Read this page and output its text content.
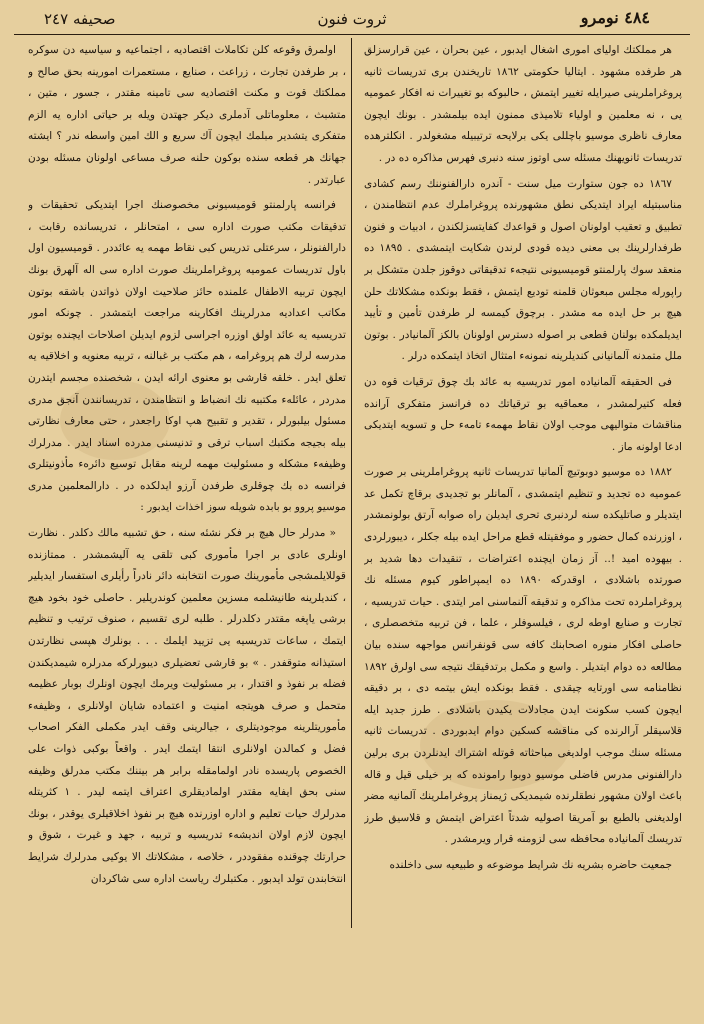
صحيفه ٢٤٧	ثروت فنون	٤٨٤ نومرو

هر مملكتك اوليای اموری اشغال ايدبور ، عين بحران ، عين قرارسزلق هر طرفده مشهود . ايتاليا حكومتی ١٨٦٢ تاريخندن بری تدريسات ثانيه پروغراملرينی صيرايله تغيير ايتمش ، حالبوكه بو تغييرات نه افكار عموميه يی ، نه معلمين و اولياء تلاميذی ممنون ايده بيلمشدر . بونك ايچون معارف ناظری موسيو باچللی يكی برلايحه ترتيبيله مشغولدر . انكلترهده تدريسات ثانويهنك مسئله سی اوتوز سنه دنبری فهرس مذاكره ده در .

١٨٦٧ ده جون ستوارت ميل سنت - آندره دارالفنوننك رسم كشادی مناسبتيله ايراد ايتديكی نطق مشهورنده پروغراملرك عدم انتظامندن ، تطبيق و تعقيب اولونان اصول و قواعدك كفايتسزلكندن ، ادبيات و فنون طرفدارلرينك بی معنی ديده قودی لرندن شكايت ايتمشدی . ١٨٩٥ ده منعقد سوك پارلمنتو قوميسيونی نتيجهء تدقيقاتی دوقوز جلدن متشكل بر راپورله مجلس مبعوثان قلمنه توديع ايتمش ، فقط بونكده مشكلاتك حلن هيچ بر حل ايده مه مشدر . برچوق كيمسه لر طرفدن تأمين و تأييد ايديلمكده بولنان قطعی بر اصوله دسترس اولونان بالكز آلمانيادر . بوتون ملل متمدنه آلمانيانی كنديلرينه نمونهء امتثال اتخاذ ايتمكده درلر .

فی الحقيقه آلمانياده امور تدريسيه به عائد بك چوق ترقيات قوه دن فعله كتيرلمشدر ، معماقيه بو ترقياتك ده فرانسز متفكری آرانده مناقشات متواليهی موجب اولان نقاط مهمهء تامهء حل و تسويه ايتديكی ادعا اولونه ماز .

١٨٨٢ ده موسيو دوبوتيچ آلمانيا تدريسات ثانيه پروغراملرينی بر صورت عموميه ده تجديد و تنظيم ايتمشدی ، آلمانلر بو تجديدی برقاچ تكمل عد ايتديلر و صاتليكده سنه لردنبری تحری ايديلن راه صوابه آرتق بولونمشدر ، اوزرنده كمال حضور و موفقيتله قطع مراحل ايده بيله جكلر ، ديبورلردی . بيهوده اميد !.. آز زمان ايچنده اعتراضات ، تنقيدات دها شديد بر صورتده باشلادی ، اوقدركه ١٨٩٠ ده ايمپراطور كيوم مسئله نك پروغراملرده تحت مذاكره و تدقيقه آلنماسنی امر ايتدی . حيات تدريسيه ، تجارت و صنايع اوطه لری ، فيلسوفلر ، علما ، فن تربيه متخصصلری ، حاصلی افكار منوره اصحابنك كافه سی قونفرانس مواجهه سنده بيان مطالعه ده دوام ايتديلر . واسع و مكمل برتدقيقك نتيجه سی اولرق ١٨٩٢ نظامنامه سی اورتايه چيقدی . فقط بونكده ايش بيتمه دی ، بر دقيقه ايچون كسب سكونت ايدن مجادلات يكيدن باشلادی . طرز جديد ايله قلاسيقلر آرالرنده كی مناقشه كسكين دوام ايدبوردی . تدريسات ثانيه مسئله سنك موجب اولديغی مباحثاته قوتله اشتراك ايدنلردن بری برلين دارالفنونی مدرس فاضلی موسيو دوبوا رامونده که بر خيلی قيل و قاله باعث اولان مشهور نطقلرنده شيمديكی ژيمناز پروغراملرينك آلمانيه مضر اولديغنی بالطبع بو آمريقا اصوليه شدتاً اعتراض ايتمش و قلاسيق طرز تدريسك آلمانياده محافظه سی لزومنه قرار ويرمشدر .

جمعيت حاضره بشريه نك شرايط موضوعه و طبيعيه سی داخلنده

اولمرق وقوعه كلن تكاملات اقتصاديه ، اجتماعيه و سياسيه دن سوكره ، بر طرفدن تجارت ، زراعت ، صنايع ، مستعمرات امورينه بحق صالح و مملكتك قوت و مكنت اقتصاديه سی تامينه مقتدر ، جسور ، متين ، متشبث ، معلوماتلی آدملری ديكر جهتدن ويله بر حياتی اداره يه الزم متفكری يتشدير مبلمك ايچون آك سريع و الك امين واسطه ندر ؟ ايشته جهانك هر قطعه سنده بوكون حلنه صرف مساعی اولونان مسئله بودن عبارتدر .

فرانسه پارلمنتو قوميسيونی مخصوصنك اجرا ايتديكی تحقيقات و تدقيقات مكتب صورت اداره سی ، امتحانلر ، تدريسانده رقابت ، دارالفنونلر ، سرعتلی تدريس كبی نقاط مهمه يه عائددر . قوميسيون اول باول تدريسات عموميه پروغراملرينك صورت اداره سی اله آلهرق بونك ايچون تربيه الاطفال علمنده حائز صلاحيت اولان ذواتدن باشقه بوتون مكاتب اعداديه مدرلرينك افكارينه مراجعت ايتمشدر . چونكه امور تدريسيه يه عائد اولق اوزره اجراسی لزوم ايديلن اصلاحات ايچنده بوتون مدرسه لرك هم پروغرامه ، هم مكتب بر غبالنه ، تربيه معنويه و اخلاقيه يه تعلق ايدر . خلقه قارشی بو معنوی ارائه ايدن ، شخصنده مجسم ايتدرن مدردر ، عائلهء مكتبيه نك انضباط و انتظامندن ، تدريسانندن آنجق مدری مسئول بيلبورلر ، تقدير و تقبيح هپ اوكا راجعدر ، حتی معارف نظارتی بيله بجيجه مكتبك اسباب ترقی و تدنيسنی مدرده اسناد ايدر . مدرلرك وظيفهء مشكله و مسئوليت مهمه لرينه مقابل توسيع دائرهء مأذونيتلری فرانسه ده بك چوقلری طرفدن آرزو ايدلكده در . دارالمعلمين مدری موسيو پروو بو بابده شويله سوز اخذات ايدبور :

« مدرلر حال هيچ بر فكر نشئه سنه ، حق تشبيه مالك دكلدر . نظارت اونلری عادی بر اجرا مأموری كبی تلقی يه آليشمشدر . ممتازنده قوللايلمشجی مأمورينك صورت انتخابنه دائر نادراً رأيلری استفسار ايديلير ، كنديلرينه طانيشلمه مسزين معلمين كوندريلير . حاصلی خود بخود هيچ برشی ياپغه مقتدر دكلدرلر . طلبه لری تقسيم ، صنوف ترتيب و تنظيم ايتمك ، ساعات تدريسيه يی تزييد ايلمك . . . بونلرك هپسی نظارتدن استيذانه متوقفدر . » بو قارشی تعضيلری ديبورلركه مدرلره شيمديكندن فضله بر نفوذ و اقتدار ، بر مسئوليت ويرمك ايچون اونلرك بوبار عظيمه متحمل و صرف هويتجه امنيت و اعتماده شايان اولانلری ، وظيفهء مأموريتلرينه موجوديتلری ، جيالرينی وقف ايدر مكملی الفكر اصحاب فضل و كمالدن اولانلری انتقا ايتمك ايدر . واقعاً بوكبی ذوات على الخصوص پاريسده نادر اولمامقله برابر هر بيننك مكتب مدرلق وظيفه سنی بحق ايفايه مقتدر اولماديقلری اعتراف ايتمه ليدر . ١ كثريتله مدرلرك حيات تعليم و اداره اوزرنده هيچ بر نفوذ اخلاقيلری يوقدر ، بونك ايچون لازم اولان انديشهء تدريسيه و تربيه ، جهد و غيرت ، شوق و حرارتك چوقنده مفقوددر ، خلاصه ، مشكلاتك الا يوكيی مدرلرك شرايط انتخابندن تولد ايدبور . مكتبلرك رياست اداره سی شاكردان
